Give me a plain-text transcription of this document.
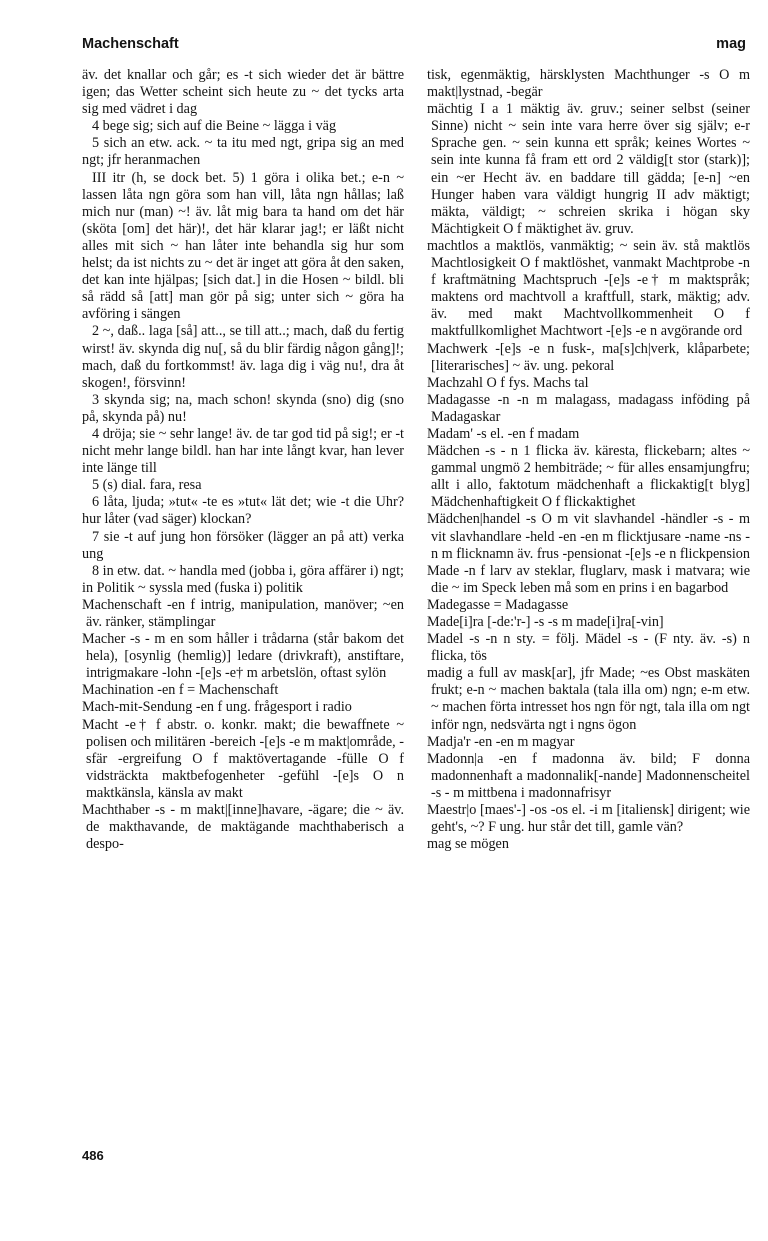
Machenschaft	mag

äv. det knallar och går; es -t sich wieder det är bättre igen; das Wetter scheint sich heute zu ~ det tycks arta sig med vädret i dag

4 bege sig; sich auf die Beine ~ lägga i väg

5 sich an etw. ack. ~ ta itu med ngt, gripa sig an med ngt; jfr heranmachen

III itr (h, se dock bet. 5) 1 göra i olika bet.; e-n ~ lassen låta ngn göra som han vill, låta ngn hållas; laß mich nur (man) ~! äv. låt mig bara ta hand om det här (sköta [om] det här)!, det här klarar jag!; er läßt nicht alles mit sich ~ han låter inte behandla sig hur som helst; da ist nichts zu ~ det är inget att göra åt den saken, det kan inte hjälpas; [sich dat.] in die Hosen ~ bildl. bli så rädd så [att] man gör på sig; unter sich ~ göra ha avföring i sängen

2 ~, daß.. laga [så] att.., se till att..; mach, daß du fertig wirst! äv. skynda dig nu[, så du blir färdig någon gång]!; mach, daß du fortkommst! äv. laga dig i väg nu!, dra åt skogen!, försvinn!

3 skynda sig; na, mach schon! skynda (sno) dig (sno på, skynda på) nu!

4 dröja; sie ~ sehr lange! äv. de tar god tid på sig!; er -t nicht mehr lange bildl. han har inte långt kvar, han lever inte länge till

5 (s) dial. fara, resa

6 låta, ljuda; »tut« -te es »tut« lät det; wie -t die Uhr? hur låter (vad säger) klockan?

7 sie -t auf jung hon försöker (lägger an på att) verka ung

8 in etw. dat. ~ handla med (jobba i, göra affärer i) ngt; in Politik ~ syssla med (fuska i) politik

Machenschaft -en f intrig, manipulation, manöver; ~en äv. ränker, stämplingar

Macher -s - m en som håller i trådarna (står bakom det hela), [osynlig (hemlig)] ledare (drivkraft), anstiftare, intrigmakare -lohn -[e]s -e† m arbetslön, oftast sylön

Machination -en f = Machenschaft

Mach-mit-Sendung -en f ung. frågesport i radio

Macht -e† f abstr. o. konkr. makt; die bewaffnete ~ polisen och militären -bereich -[e]s -e m makt|område, -sfär -ergreifung O f maktövertagande -fülle O f vidsträckta maktbefogenheter -gefühl -[e]s O n maktkänsla, känsla av makt

Machthaber -s - m makt|[inne]havare, -ägare; die ~ äv. de makthavande, de maktägande machthaberisch a despo-

tisk, egenmäktig, härsklysten Machthunger -s O m makt|lystnad, -begär

mächtig I a 1 mäktig äv. gruv.; seiner selbst (seiner Sinne) nicht ~ sein inte vara herre över sig själv; e-r Sprache gen. ~ sein kunna ett språk; keines Wortes ~ sein inte kunna få fram ett ord 2 väldig[t stor (stark)]; ein ~er Hecht äv. en baddare till gädda; [e-n] ~en Hunger haben vara väldigt hungrig II adv mäktigt; mäkta, väldigt; ~ schreien skrika i högan sky Mächtigkeit O f mäktighet äv. gruv.

machtlos a maktlös, vanmäktig; ~ sein äv. stå maktlös Machtlosigkeit O f maktlöshet, vanmakt Machtprobe -n f kraftmätning Machtspruch -[e]s -e† m maktspråk; maktens ord machtvoll a kraftfull, stark, mäktig; adv. äv. med makt Machtvollkommenheit O f maktfullkomlighet Machtwort -[e]s -e n avgörande ord

Machwerk -[e]s -e n fusk-, ma[s]ch|verk, klåparbete; [literarisches] ~ äv. ung. pekoral

Machzahl O f fys. Machs tal

Madagasse -n -n m malagass, madagass inföding på Madagaskar

Madam' -s el. -en f madam

Mädchen -s - n 1 flicka äv. käresta, flickebarn; altes ~ gammal ungmö 2 hembiträde; ~ für alles ensamjungfru; allt i allo, faktotum mädchenhaft a flickaktig[t blyg] Mädchenhaftigkeit O f flickaktighet

Mädchen|handel -s O m vit slavhandel -händler -s - m vit slavhandlare -held -en -en m flicktjusare -name -ns -n m flicknamn äv. frus -pensionat -[e]s -e n flickpension

Made -n f larv av steklar, fluglarv, mask i matvara; wie die ~ im Speck leben må som en prins i en bagarbod

Madegasse = Madagasse

Made[i]ra [-de:'r-] -s -s m made[i]ra[-vin]

Madel -s -n n sty. = följ. Mädel -s - (F nty. äv. -s) n flicka, tös

madig a full av mask[ar], jfr Made; ~es Obst maskäten frukt; e-n ~ machen baktala (tala illa om) ngn; e-m etw. ~ machen förta intresset hos ngn för ngt, tala illa om ngt inför ngn, nedsvärta ngt i ngns ögon

Madja'r -en -en m magyar

Madonn|a -en f madonna äv. bild; F donna madonnenhaft a madonnalik[-nande] Madonnenscheitel -s - m mittbena i madonnafrisyr

Maestr|o [maes'-] -os -os el. -i m [italiensk] dirigent; wie geht's, ~? F ung. hur står det till, gamle vän?

mag se mögen

486
